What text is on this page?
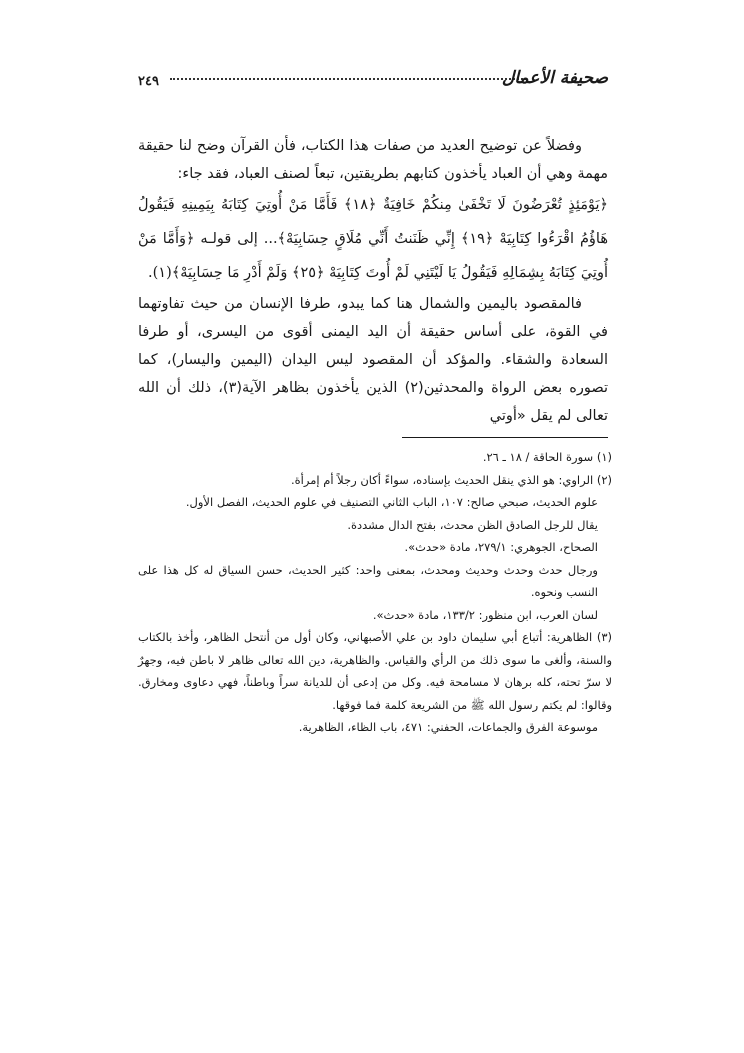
٢٤٩	صحيفة الأعمال

وفضلاً عن توضيح العديد من صفات هذا الكتاب، فأن القرآن وضح لنا حقيقة مهمة وهي أن العباد يأخذون كتابهم بطريقتين، تبعاً لصنف العباد، فقد جاء:

﴿يَوْمَئِذٍ تُعْرَضُونَ لَا تَخْفَىٰ مِنكُمْ خَافِيَةٌ ﴿١٨﴾ فَأَمَّا مَنْ أُوتِيَ كِتَابَهُ بِيَمِينِهِ فَيَقُولُ هَاؤُمُ اقْرَءُوا كِتَابِيَهْ ﴿١٩﴾ إِنِّي ظَنَنتُ أَنِّي مُلَاقٍ حِسَابِيَهْ﴾... إلى قولـه ﴿وَأَمَّا مَنْ أُوتِيَ كِتَابَهُ بِشِمَالِهِ فَيَقُولُ يَا لَيْتَنِي لَمْ أُوتَ كِتَابِيَهْ ﴿٢٥﴾ وَلَمْ أَدْرِ مَا حِسَابِيَهْ﴾(١).

فالمقصود باليمين والشمال هنا كما يبدو، طرفا الإنسان من حيث تفاوتهما في القوة، على أساس حقيقة أن اليد اليمنى أقوى من اليسرى، أو طرفا السعادة والشقاء. والمؤكد أن المقصود ليس اليدان (اليمين واليسار)، كما تصوره بعض الرواة والمحدثين(٢) الذين يأخذون بظاهر الآية(٣)، ذلك أن الله تعالى لم يقل «أوتي

(١) سورة الحاقة / ١٨ ـ ٢٦.

(٢) الراوي: هو الذي ينقل الحديث بإسناده، سواءً أكان رجلاً أم إمرأة.

علوم الحديث، صبحي صالح: ١٠٧، الباب الثاني التصنيف في علوم الحديث، الفصل الأول.

يقال للرجل الصادق الظن محدث، بفتح الدال مشددة.

الصحاح، الجوهري: ٢٧٩/١، مادة «حدث».

ورجال حدث وحدث وحديث ومحدث، بمعنى واحد: كثير الحديث، حسن السياق له كل هذا على النسب ونحوه.

لسان العرب، ابن منظور: ١٣٣/٢، مادة «حدث».

(٣) الظاهرية: أتباع أبي سليمان داود بن علي الأصبهاني، وكان أول من أنتحل الظاهر، وأخذ بالكتاب والسنة، وألغى ما سوى ذلك من الرأي والقياس. والظاهرية، دين الله تعالى ظاهر لا باطن فيه، وجهرٌ لا سرّ تحته، كله برهان لا مسامحة فيه. وكل من إدعى أن للديانة سراً وباطناً، فهي دعاوى ومخارق. وقالوا: لم يكتم رسول الله ﷺ من الشريعة كلمة فما فوقها.

موسوعة الفرق والجماعات، الحفني: ٤٧١، باب الظاء، الظاهرية.
